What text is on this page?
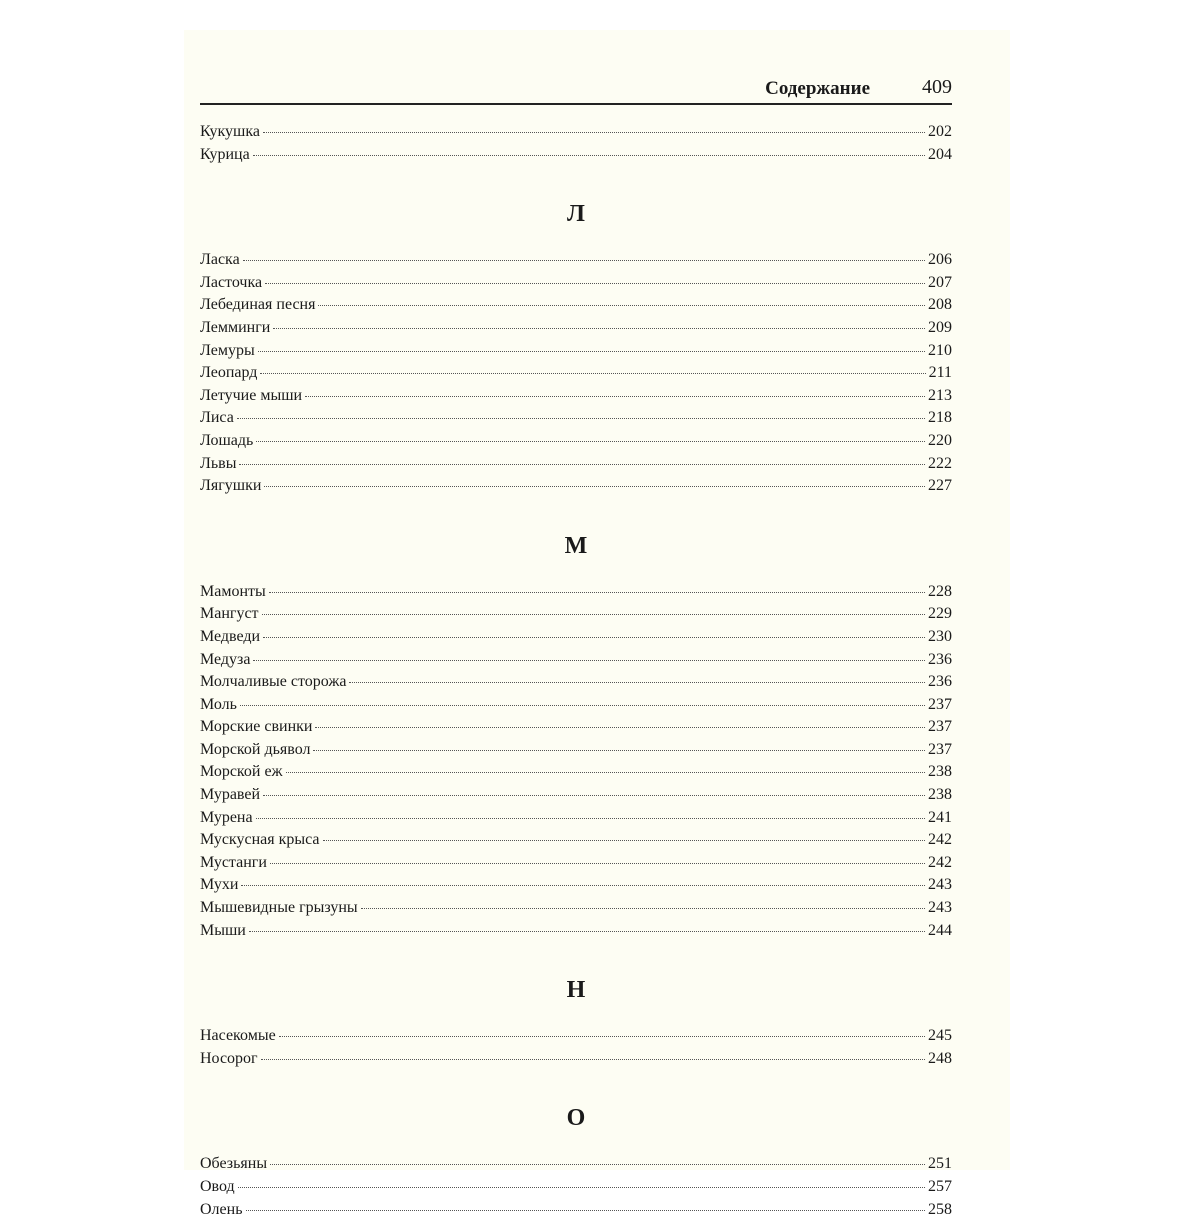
Содержание	409
Кукушка	202
Курица	204
Л
Ласка	206
Ласточка	207
Лебединая песня	208
Лемминги	209
Лемуры	210
Леопард	211
Летучие мыши	213
Лиса	218
Лошадь	220
Львы	222
Лягушки	227
М
Мамонты	228
Мангуст	229
Медведи	230
Медуза	236
Молчаливые сторожа	236
Моль	237
Морские свинки	237
Морской дьявол	237
Морской еж	238
Муравей	238
Мурена	241
Мускусная крыса	242
Мустанги	242
Мухи	243
Мышевидные грызуны	243
Мыши	244
Н
Насекомые	245
Носорог	248
О
Обезьяны	251
Овод	257
Олень	258
